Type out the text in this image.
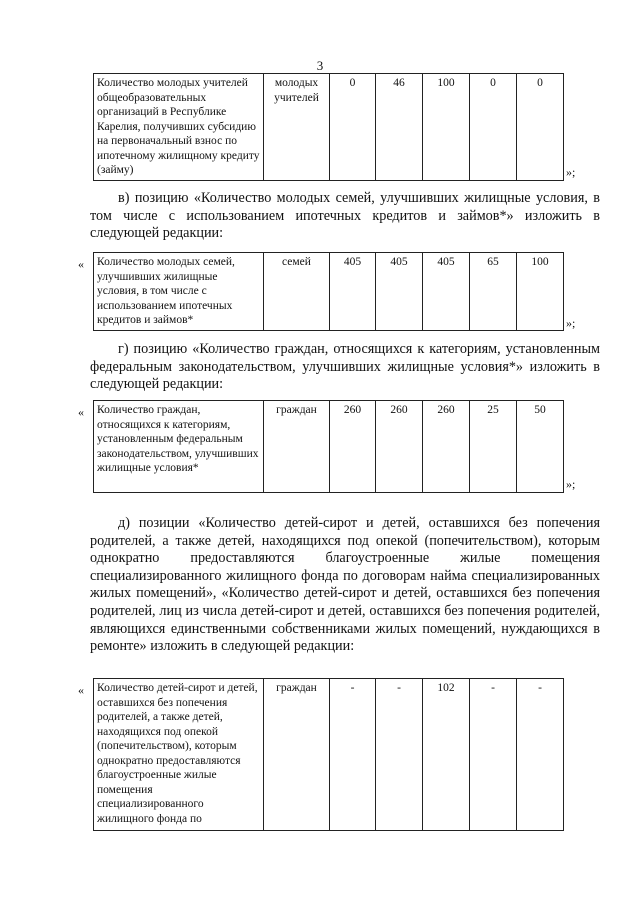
3
Количество молодых учителей общеобразовательных организаций в Республике Карелия, получивших субсидию на первоначальный взнос по ипотечному жилищному кредиту (займу)	молодых учителей	0	46	100	0	0
»;
в) позицию «Количество молодых семей, улучшивших жилищные условия, в том числе с использованием ипотечных кредитов и займов*» изложить в следующей редакции:
« Количество молодых семей, улучшивших жилищные условия, в том числе с использованием ипотечных кредитов и займов*	семей	405	405	405	65	100
»;
г) позицию «Количество граждан, относящихся к категориям, установленным федеральным законодательством, улучшивших жилищные условия*» изложить в следующей редакции:
« Количество граждан, относящихся к категориям, установленным федеральным законодательством, улучшивших жилищные условия*	граждан	260	260	260	25	50
»;
д) позиции «Количество детей-сирот и детей, оставшихся без попечения родителей, а также детей, находящихся под опекой (попечительством), которым однократно предоставляются благоустроенные жилые помещения специализированного жилищного фонда по договорам найма специализированных жилых помещений», «Количество детей-сирот и детей, оставшихся без попечения родителей, лиц из числа детей-сирот и детей, оставшихся без попечения родителей, являющихся единственными собственниками жилых помещений, нуждающихся в ремонте» изложить в следующей редакции:
« Количество детей-сирот и детей, оставшихся без попечения родителей, а также детей, находящихся под опекой (попечительством), которым однократно предоставляются благоустроенные жилые помещения специализированного жилищного фонда по	граждан	-	-	102	-	-
